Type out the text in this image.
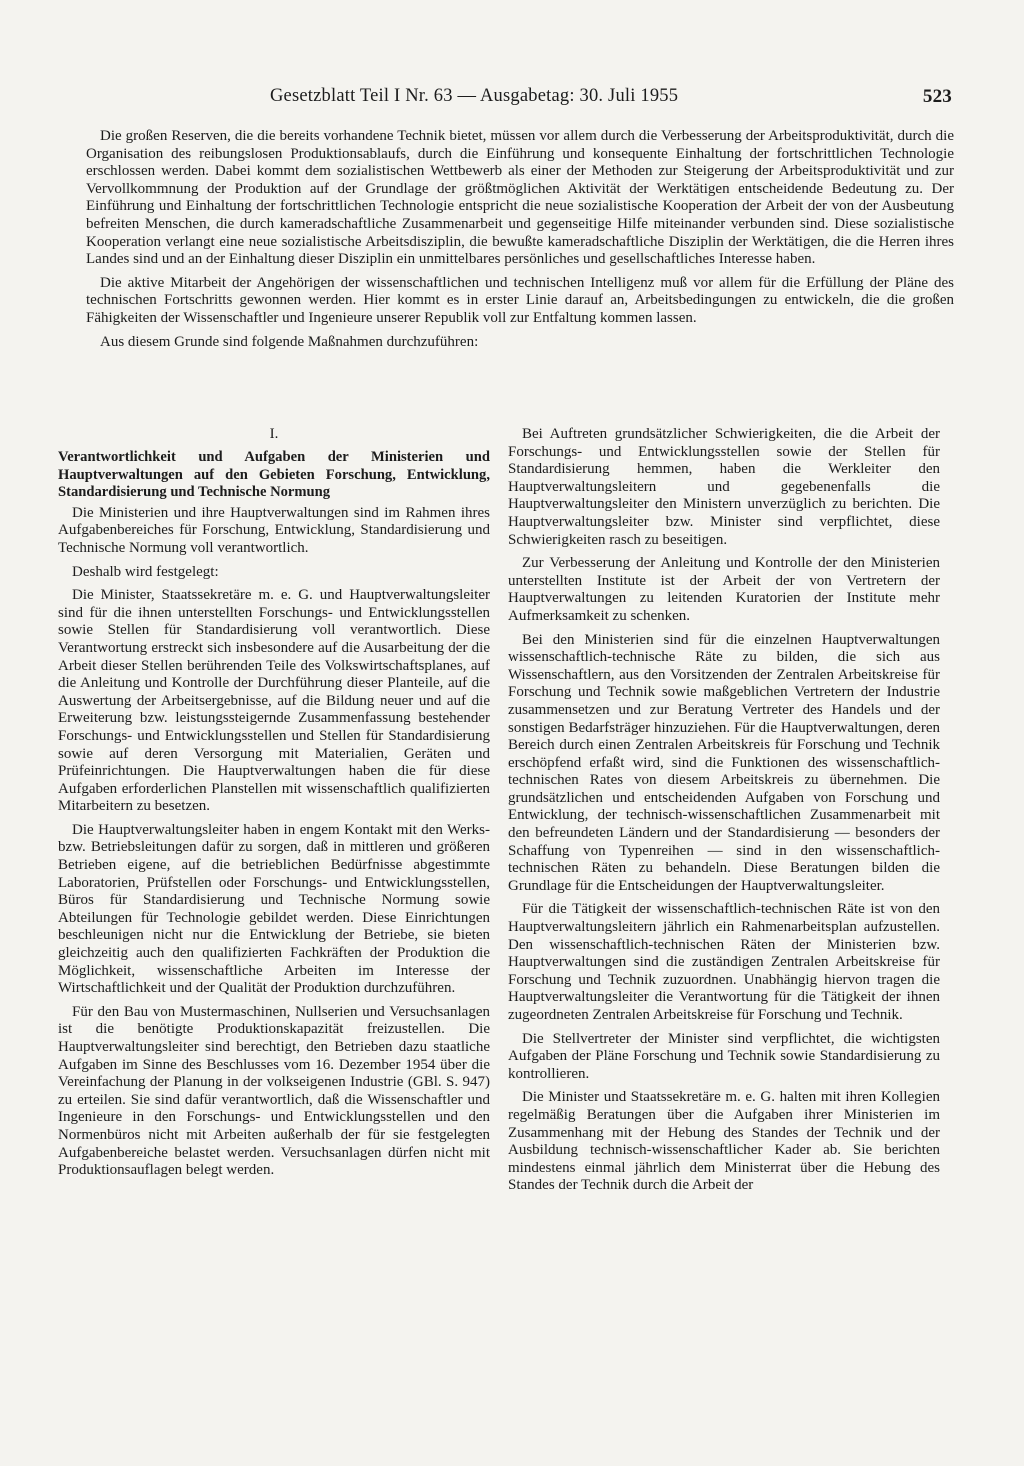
Gesetzblatt Teil I Nr. 63 — Ausgabetag: 30. Juli 1955	523

Die großen Reserven, die die bereits vorhandene Technik bietet, müssen vor allem durch die Verbesserung der Arbeitsproduktivität, durch die Organisation des reibungslosen Produktionsablaufs, durch die Einführung und konsequente Einhaltung der fortschrittlichen Technologie erschlossen werden. Dabei kommt dem sozialistischen Wettbewerb als einer der Methoden zur Steigerung der Arbeitsproduktivität und zur Vervollkommnung der Produktion auf der Grundlage der größtmöglichen Aktivität der Werktätigen entscheidende Bedeutung zu. Der Einführung und Einhaltung der fortschrittlichen Technologie entspricht die neue sozialistische Kooperation der Arbeit der von der Ausbeutung befreiten Menschen, die durch kameradschaftliche Zusammenarbeit und gegenseitige Hilfe miteinander verbunden sind. Diese sozialistische Kooperation verlangt eine neue sozialistische Arbeitsdisziplin, die bewußte kameradschaftliche Disziplin der Werktätigen, die die Herren ihres Landes sind und an der Einhaltung dieser Disziplin ein unmittelbares persönliches und gesellschaftliches Interesse haben.

Die aktive Mitarbeit der Angehörigen der wissenschaftlichen und technischen Intelligenz muß vor allem für die Erfüllung der Pläne des technischen Fortschritts gewonnen werden. Hier kommt es in erster Linie darauf an, Arbeitsbedingungen zu entwickeln, die die großen Fähigkeiten der Wissenschaftler und Ingenieure unserer Republik voll zur Entfaltung kommen lassen.

Aus diesem Grunde sind folgende Maßnahmen durchzuführen:

I.
Verantwortlichkeit und Aufgaben der Ministerien und Hauptverwaltungen auf den Gebieten Forschung, Entwicklung, Standardisierung und Technische Normung

Die Ministerien und ihre Hauptverwaltungen sind im Rahmen ihres Aufgabenbereiches für Forschung, Entwicklung, Standardisierung und Technische Normung voll verantwortlich.

Deshalb wird festgelegt:

Die Minister, Staatssekretäre m. e. G. und Hauptverwaltungsleiter sind für die ihnen unterstellten Forschungs- und Entwicklungsstellen sowie Stellen für Standardisierung voll verantwortlich. Diese Verantwortung erstreckt sich insbesondere auf die Ausarbeitung der die Arbeit dieser Stellen berührenden Teile des Volkswirtschaftsplanes, auf die Anleitung und Kontrolle der Durchführung dieser Planteile, auf die Auswertung der Arbeitsergebnisse, auf die Bildung neuer und auf die Erweiterung bzw. leistungssteigernde Zusammenfassung bestehender Forschungs- und Entwicklungsstellen und Stellen für Standardisierung sowie auf deren Versorgung mit Materialien, Geräten und Prüfeinrichtungen. Die Hauptverwaltungen haben die für diese Aufgaben erforderlichen Planstellen mit wissenschaftlich qualifizierten Mitarbeitern zu besetzen.

Die Hauptverwaltungsleiter haben in engem Kontakt mit den Werks- bzw. Betriebsleitungen dafür zu sorgen, daß in mittleren und größeren Betrieben eigene, auf die betrieblichen Bedürfnisse abgestimmte Laboratorien, Prüfstellen oder Forschungs- und Entwicklungsstellen, Büros für Standardisierung und Technische Normung sowie Abteilungen für Technologie gebildet werden. Diese Einrichtungen beschleunigen nicht nur die Entwicklung der Betriebe, sie bieten gleichzeitig auch den qualifizierten Fachkräften der Produktion die Möglichkeit, wissenschaftliche Arbeiten im Interesse der Wirtschaftlichkeit und der Qualität der Produktion durchzuführen.

Für den Bau von Mustermaschinen, Nullserien und Versuchsanlagen ist die benötigte Produktionskapazität freizustellen. Die Hauptverwaltungsleiter sind berechtigt, den Betrieben dazu staatliche Aufgaben im Sinne des Beschlusses vom 16. Dezember 1954 über die Vereinfachung der Planung in der volkseigenen Industrie (GBl. S. 947) zu erteilen. Sie sind dafür verantwortlich, daß die Wissenschaftler und Ingenieure in den Forschungs- und Entwicklungsstellen und den Normenbüros nicht mit Arbeiten außerhalb der für sie festgelegten Aufgabenbereiche belastet werden. Versuchsanlagen dürfen nicht mit Produktionsauflagen belegt werden.

Bei Auftreten grundsätzlicher Schwierigkeiten, die die Arbeit der Forschungs- und Entwicklungsstellen sowie der Stellen für Standardisierung hemmen, haben die Werkleiter den Hauptverwaltungsleitern und gegebenenfalls die Hauptverwaltungsleiter den Ministern unverzüglich zu berichten. Die Hauptverwaltungsleiter bzw. Minister sind verpflichtet, diese Schwierigkeiten rasch zu beseitigen.

Zur Verbesserung der Anleitung und Kontrolle der den Ministerien unterstellten Institute ist der Arbeit der von Vertretern der Hauptverwaltungen zu leitenden Kuratorien der Institute mehr Aufmerksamkeit zu schenken.

Bei den Ministerien sind für die einzelnen Hauptverwaltungen wissenschaftlich-technische Räte zu bilden, die sich aus Wissenschaftlern, aus den Vorsitzenden der Zentralen Arbeitskreise für Forschung und Technik sowie maßgeblichen Vertretern der Industrie zusammensetzen und zur Beratung Vertreter des Handels und der sonstigen Bedarfsträger hinzuziehen. Für die Hauptverwaltungen, deren Bereich durch einen Zentralen Arbeitskreis für Forschung und Technik erschöpfend erfaßt wird, sind die Funktionen des wissenschaftlich-technischen Rates von diesem Arbeitskreis zu übernehmen. Die grundsätzlichen und entscheidenden Aufgaben von Forschung und Entwicklung, der technisch-wissenschaftlichen Zusammenarbeit mit den befreundeten Ländern und der Standardisierung — besonders der Schaffung von Typenreihen — sind in den wissenschaftlich-technischen Räten zu behandeln. Diese Beratungen bilden die Grundlage für die Entscheidungen der Hauptverwaltungsleiter.

Für die Tätigkeit der wissenschaftlich-technischen Räte ist von den Hauptverwaltungsleitern jährlich ein Rahmenarbeitsplan aufzustellen. Den wissenschaftlich-technischen Räten der Ministerien bzw. Hauptverwaltungen sind die zuständigen Zentralen Arbeitskreise für Forschung und Technik zuzuordnen. Unabhängig hiervon tragen die Hauptverwaltungsleiter die Verantwortung für die Tätigkeit der ihnen zugeordneten Zentralen Arbeitskreise für Forschung und Technik.

Die Stellvertreter der Minister sind verpflichtet, die wichtigsten Aufgaben der Pläne Forschung und Technik sowie Standardisierung zu kontrollieren.

Die Minister und Staatssekretäre m. e. G. halten mit ihren Kollegien regelmäßig Beratungen über die Aufgaben ihrer Ministerien im Zusammenhang mit der Hebung des Standes der Technik und der Ausbildung technisch-wissenschaftlicher Kader ab. Sie berichten mindestens einmal jährlich dem Ministerrat über die Hebung des Standes der Technik durch die Arbeit der
